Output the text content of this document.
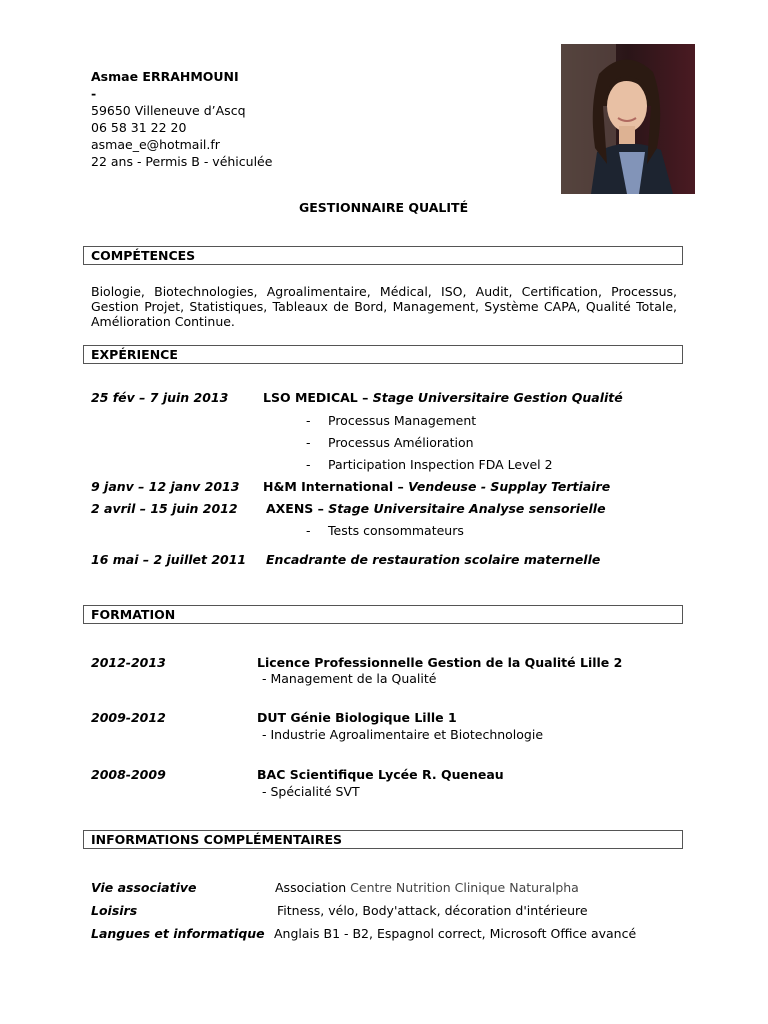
Asmae ERRAHMOUNI
-
59650 Villeneuve d’Ascq
06 58 31 22 20
asmae_e@hotmail.fr
22 ans - Permis B - véhiculée
GESTIONNAIRE QUALITÉ
COMPÉTENCES
Biologie, Biotechnologies, Agroalimentaire, Médical, ISO, Audit, Certification, Processus, Gestion Projet, Statistiques, Tableaux de Bord, Management, Système CAPA, Qualité Totale, Amélioration Continue.
EXPÉRIENCE
25 fév – 7 juin 2013	LSO MEDICAL – Stage Universitaire Gestion Qualité
- Processus Management
- Processus Amélioration
- Participation Inspection FDA Level 2
9 janv – 12 janv 2013 H&M International – Vendeuse - Supplay Tertiaire
2 avril – 15 juin 2012 AXENS – Stage Universitaire Analyse sensorielle
- Tests consommateurs
16 mai – 2 juillet 2011 Encadrante de restauration scolaire maternelle
FORMATION
2012-2013	Licence Professionnelle Gestion de la Qualité Lille 2
- Management de la Qualité
2009-2012	DUT Génie Biologique Lille 1
- Industrie Agroalimentaire et Biotechnologie
2008-2009	BAC Scientifique Lycée R. Queneau
- Spécialité SVT
INFORMATIONS COMPLÉMENTAIRES
Vie associative	Association Centre Nutrition Clinique Naturalpha
Loisirs	Fitness, vélo, Body'attack, décoration d'intérieure
Langues et informatique Anglais B1 - B2, Espagnol correct, Microsoft Office avancé
